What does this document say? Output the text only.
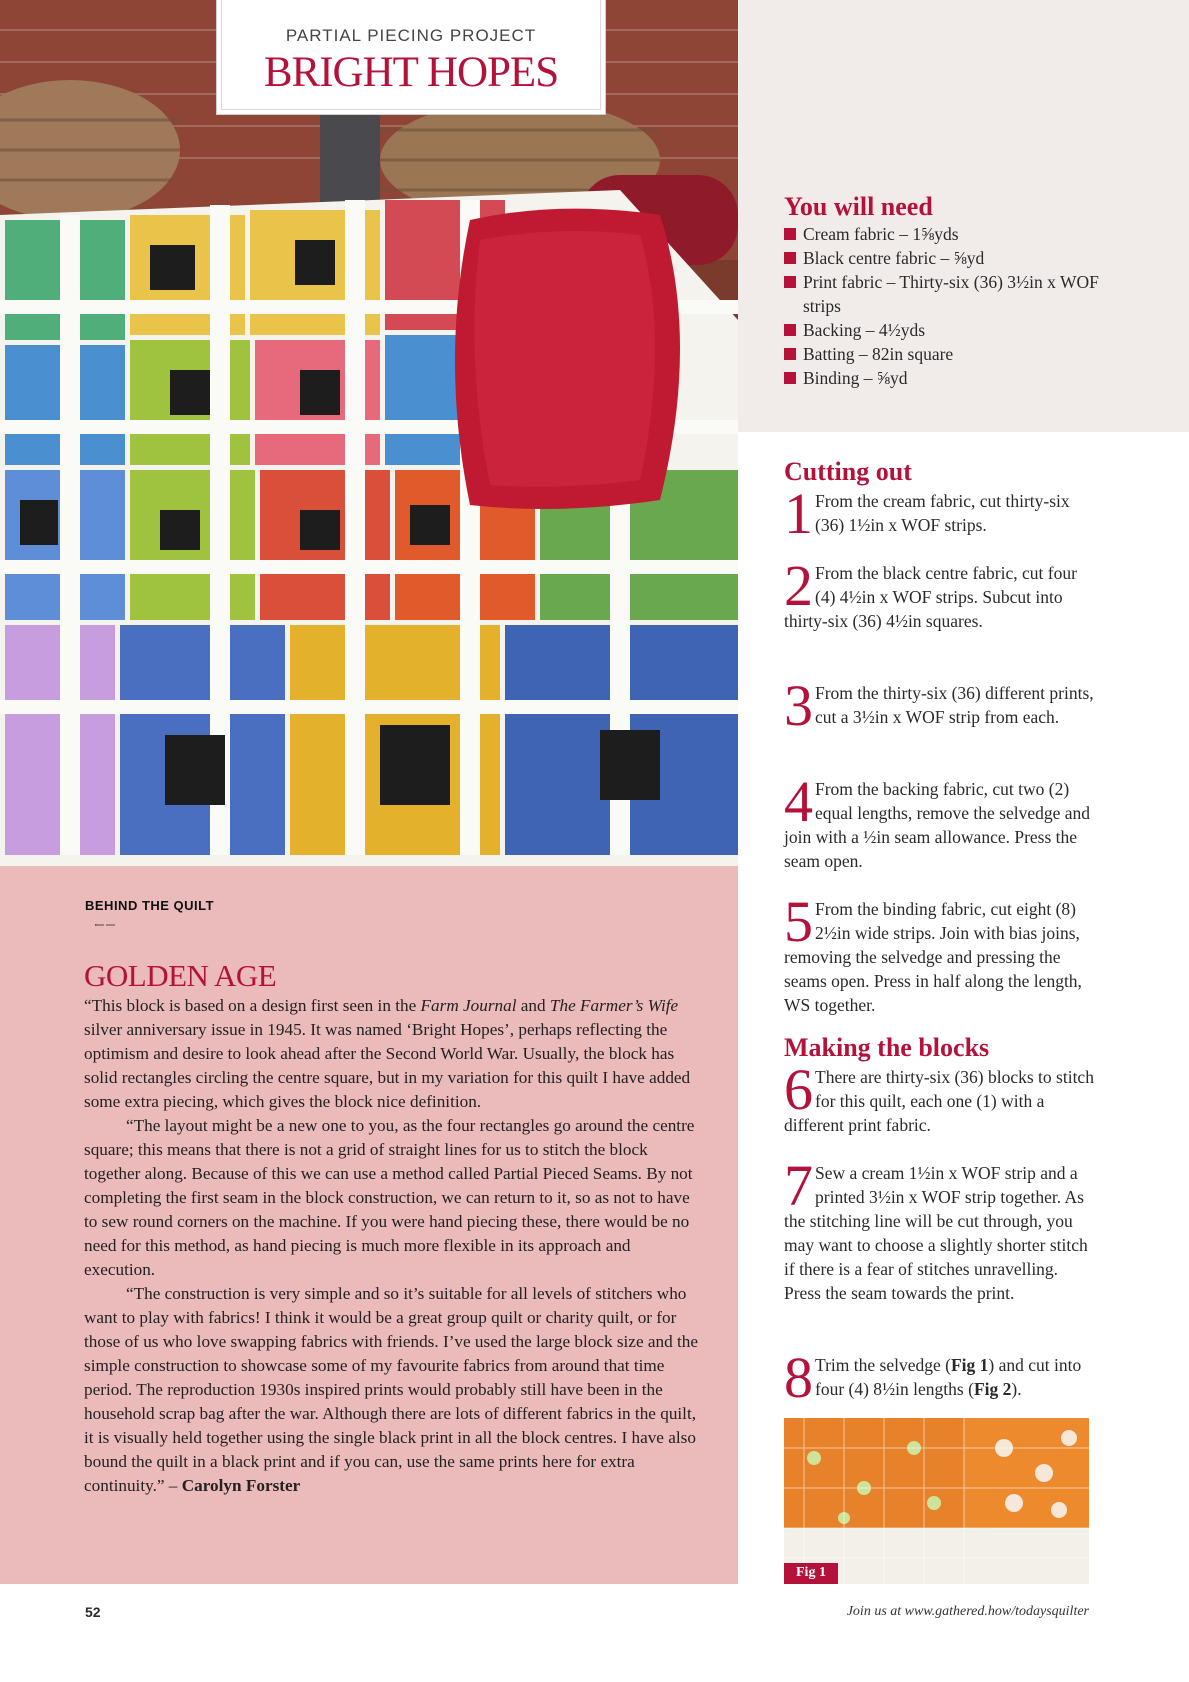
PARTIAL PIECING PROJECT
BRIGHT HOPES
You will need
Cream fabric – 1⅝yds
Black centre fabric – ⅝yd
Print fabric – Thirty-six (36) 3½in x WOF strips
Backing – 4½yds
Batting – 82in square
Binding – ⅝yd
Cutting out
1 From the cream fabric, cut thirty-six (36) 1½in x WOF strips.
2 From the black centre fabric, cut four (4) 4½in x WOF strips. Subcut into thirty-six (36) 4½in squares.
3 From the thirty-six (36) different prints, cut a 3½in x WOF strip from each.
4 From the backing fabric, cut two (2) equal lengths, remove the selvedge and join with a ½in seam allowance. Press the seam open.
5 From the binding fabric, cut eight (8) 2½in wide strips. Join with bias joins, removing the selvedge and pressing the seams open. Press in half along the length, WS together.
Making the blocks
6 There are thirty-six (36) blocks to stitch for this quilt, each one (1) with a different print fabric.
7 Sew a cream 1½in x WOF strip and a printed 3½in x WOF strip together. As the stitching line will be cut through, you may want to choose a slightly shorter stitch if there is a fear of stitches unravelling. Press the seam towards the print.
8 Trim the selvedge (Fig 1) and cut into four (4) 8½in lengths (Fig 2).
Fig 1
BEHIND THE QUILT
GOLDEN AGE

“This block is based on a design first seen in the Farm Journal and The Farmer’s Wife silver anniversary issue in 1945. It was named ‘Bright Hopes’, perhaps reflecting the optimism and desire to look ahead after the Second World War. Usually, the block has solid rectangles circling the centre square, but in my variation for this quilt I have added some extra piecing, which gives the block nice definition.

“The layout might be a new one to you, as the four rectangles go around the centre square; this means that there is not a grid of straight lines for us to stitch the block together along. Because of this we can use a method called Partial Pieced Seams. By not completing the first seam in the block construction, we can return to it, so as not to have to sew round corners on the machine. If you were hand piecing these, there would be no need for this method, as hand piecing is much more flexible in its approach and execution.

“The construction is very simple and so it’s suitable for all levels of stitchers who want to play with fabrics! I think it would be a great group quilt or charity quilt, or for those of us who love swapping fabrics with friends. I’ve used the large block size and the simple construction to showcase some of my favourite fabrics from around that time period. The reproduction 1930s inspired prints would probably still have been in the household scrap bag after the war. Although there are lots of different fabrics in the quilt, it is visually held together using the single black print in all the block centres. I have also bound the quilt in a black print and if you can, use the same prints here for extra continuity.” – Carolyn Forster

52	Join us at www.gathered.how/todaysquilter
